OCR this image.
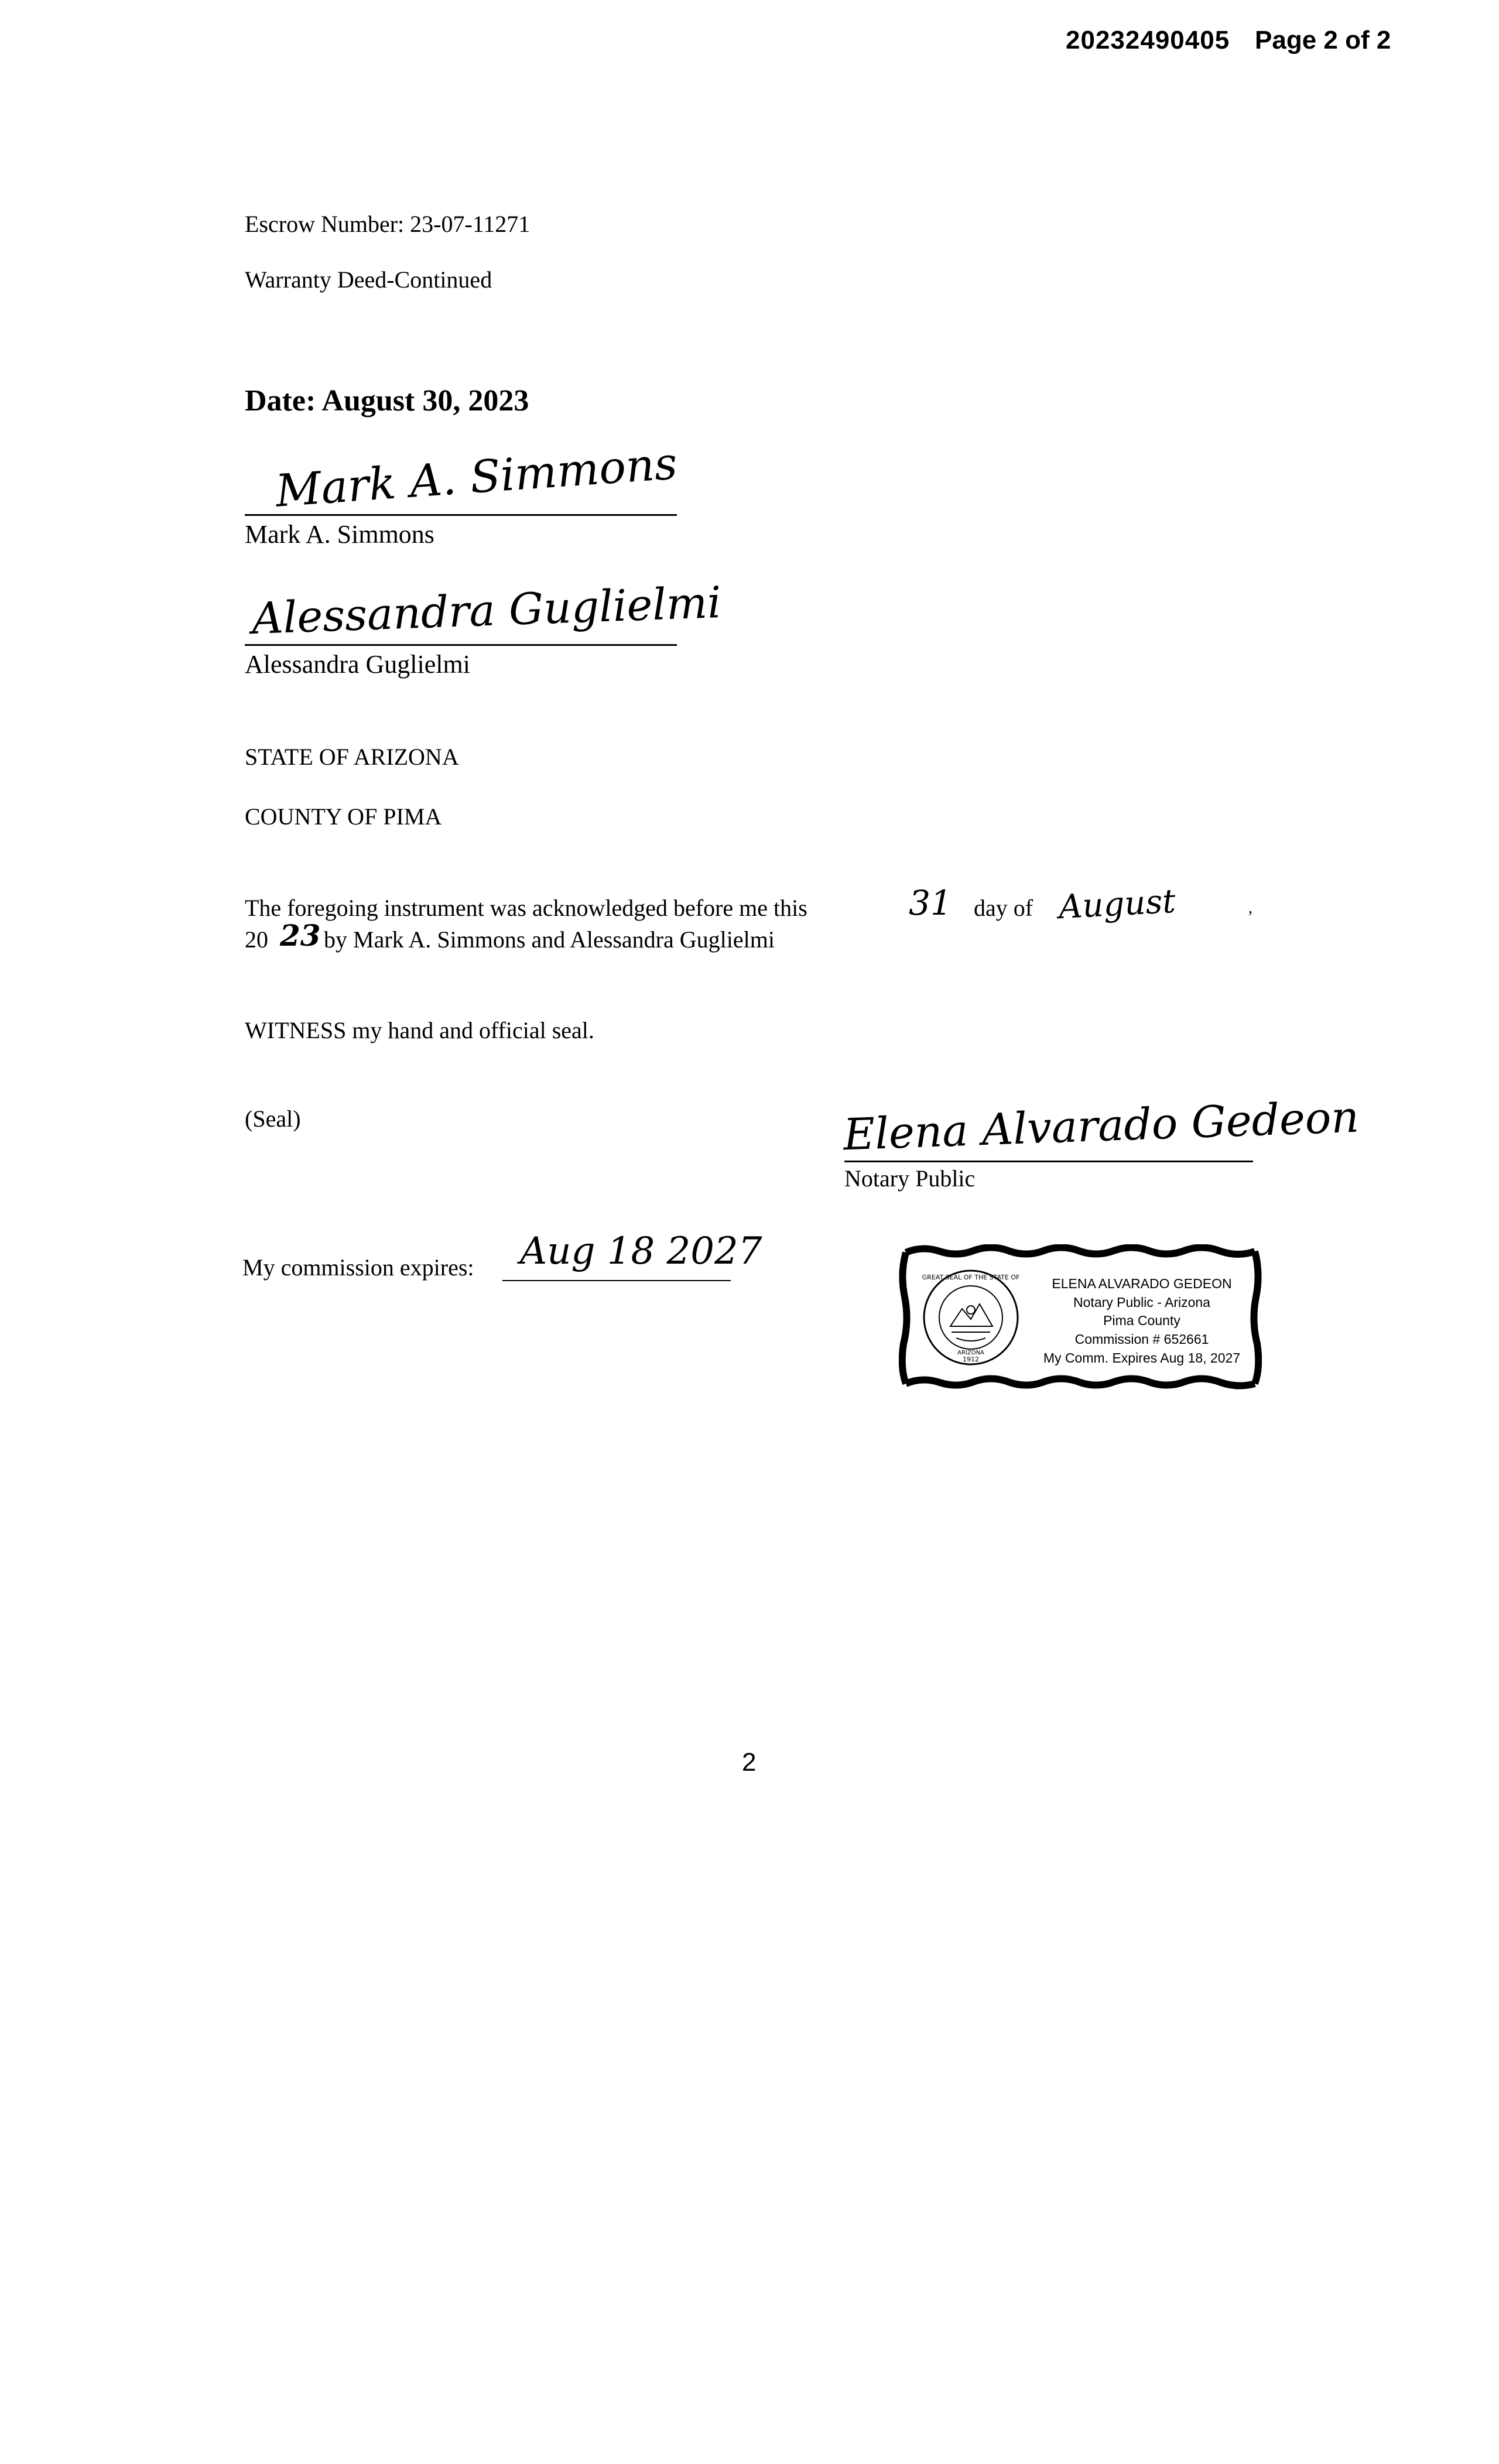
20232490405 Page 2 of 2
Escrow Number: 23-07-11271
Warranty Deed-Continued
Date: August 30, 2023
Mark A. Simmons
Mark A. Simmons
Alessandra Guglielmi
Alessandra Guglielmi
STATE OF ARIZONA
COUNTY OF PIMA
The foregoing instrument was acknowledged before me this	31 day of August	,
20 23 by Mark A. Simmons and Alessandra Guglielmi
WITNESS my hand and official seal.
(Seal)	Elena Alvarado Gedeon
Notary Public
My commission expires: Aug 18 2027
GREAT SEAL OF THE STATE OF
1912
ARIZONA
ELENA ALVARADO GEDEON
Notary Public - Arizona
Pima County
Commission # 652661
My Comm. Expires Aug 18, 2027
2
